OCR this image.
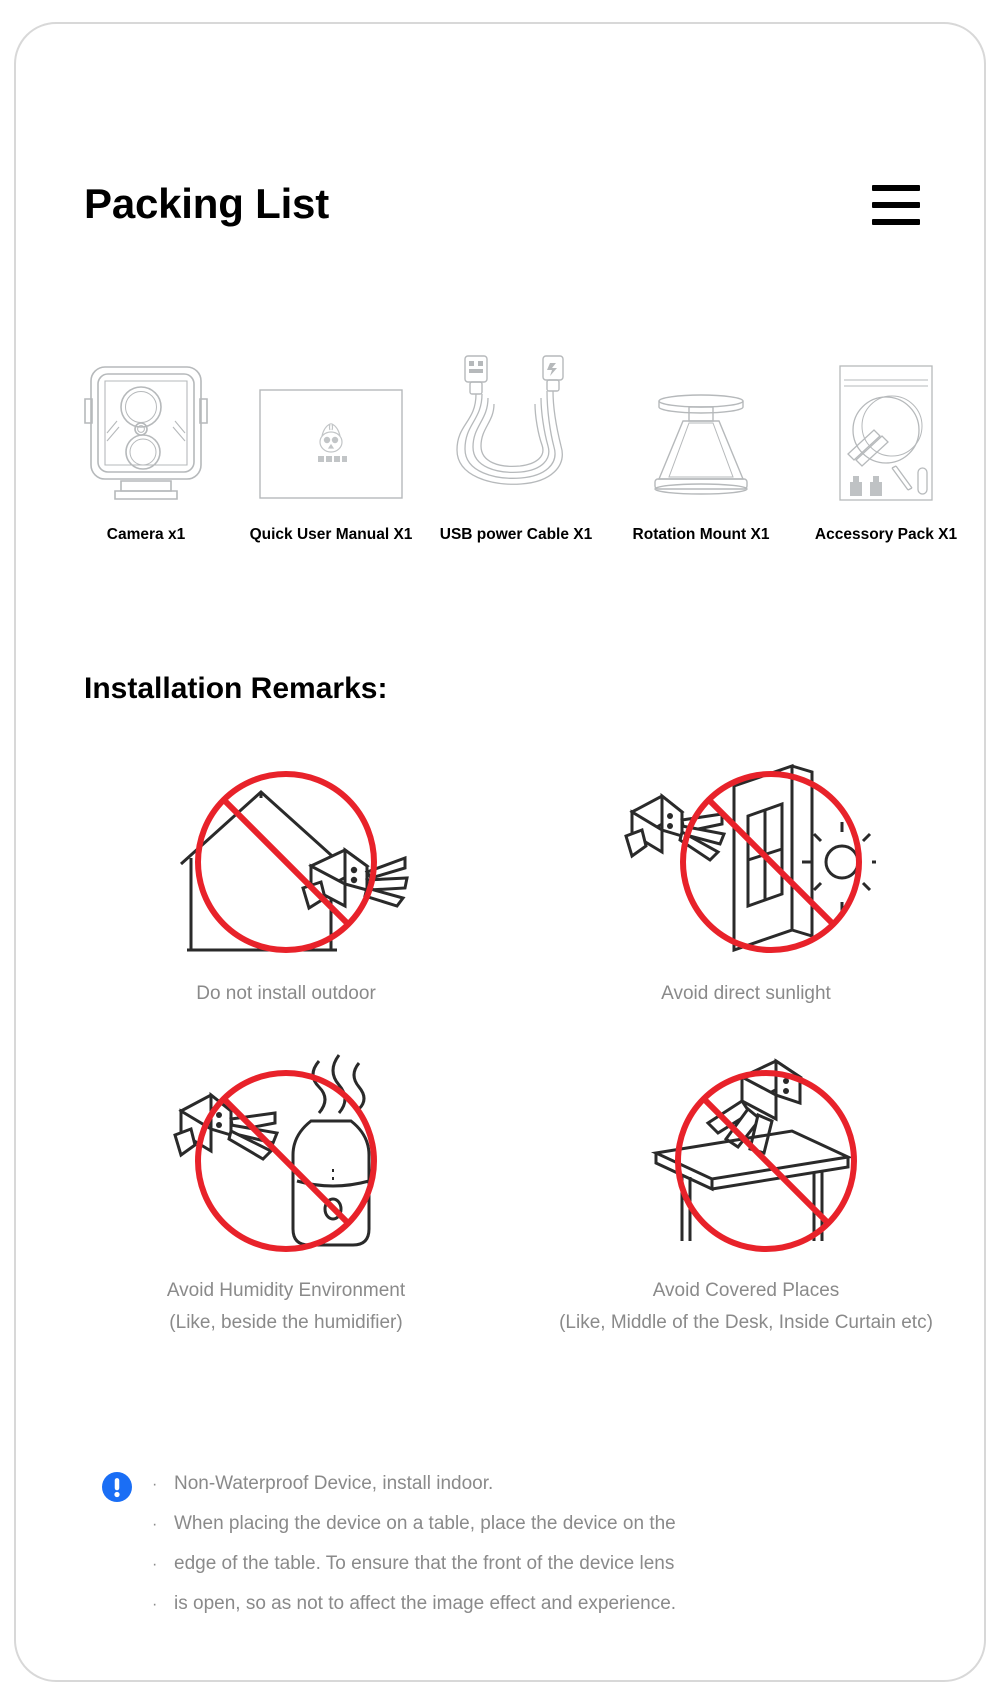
Packing List
Camera x1	Quick User Manual X1 USB power Cable X1	Rotation Mount X1	Accessory Pack X1
Installation Remarks:
Do not install outdoor	Avoid direct sunlight
Avoid Humidity Environment
(Like, beside the humidifier)
Avoid Covered Places
(Like, Middle of the Desk, Inside Curtain etc)
· Non-Waterproof Device, install indoor.
· When placing the device on a table, place the device on the
· edge of the table. To ensure that the front of the device lens
· is open, so as not to affect the image effect and experience.
